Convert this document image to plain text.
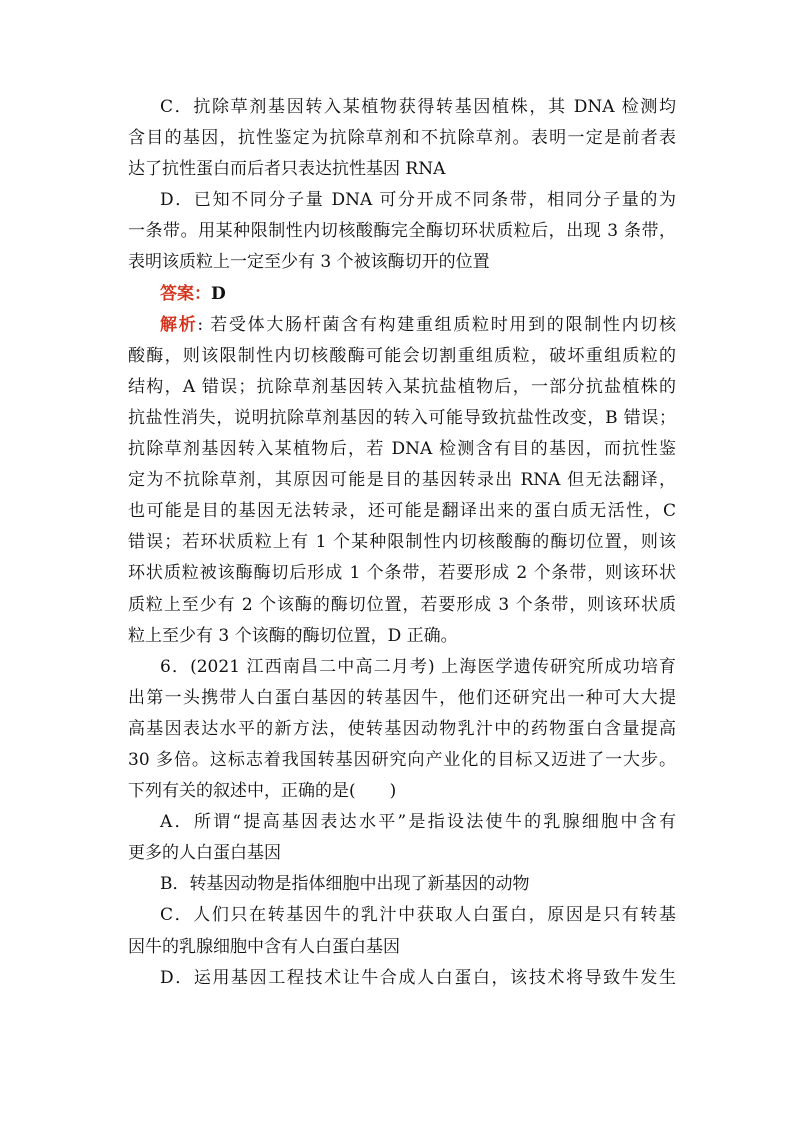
C．抗除草剂基因转入某植物获得转基因植株，其 DNA 检测均
含目的基因，抗性鉴定为抗除草剂和不抗除草剂。表明一定是前者表
达了抗性蛋白而后者只表达抗性基因 RNA
D．已知不同分子量 DNA 可分开成不同条带，相同分子量的为
一条带。用某种限制性内切核酸酶完全酶切环状质粒后，出现 3 条带，
表明该质粒上一定至少有 3 个被该酶切开的位置
答案：D
解析: 若受体大肠杆菌含有构建重组质粒时用到的限制性内切核
酸酶，则该限制性内切核酸酶可能会切割重组质粒，破坏重组质粒的
结构，A 错误；抗除草剂基因转入某抗盐植物后，一部分抗盐植株的
抗盐性消失，说明抗除草剂基因的转入可能导致抗盐性改变，B 错误；
抗除草剂基因转入某植物后，若 DNA 检测含有目的基因，而抗性鉴
定为不抗除草剂，其原因可能是目的基因转录出 RNA 但无法翻译，
也可能是目的基因无法转录，还可能是翻译出来的蛋白质无活性，C
错误；若环状质粒上有 1 个某种限制性内切核酸酶的酶切位置，则该
环状质粒被该酶酶切后形成 1 个条带，若要形成 2 个条带，则该环状
质粒上至少有 2 个该酶的酶切位置，若要形成 3 个条带，则该环状质
粒上至少有 3 个该酶的酶切位置，D 正确。
6．(2021 江西南昌二中高二月考) 上海医学遗传研究所成功培育
出第一头携带人白蛋白基因的转基因牛，他们还研究出一种可大大提
高基因表达水平的新方法，使转基因动物乳汁中的药物蛋白含量提高
30 多倍。这标志着我国转基因研究向产业化的目标又迈进了一大步。
下列有关的叙述中，正确的是(　　)
A．所谓“提高基因表达水平”是指设法使牛的乳腺细胞中含有
更多的人白蛋白基因
B．转基因动物是指体细胞中出现了新基因的动物
C．人们只在转基因牛的乳汁中获取人白蛋白，原因是只有转基
因牛的乳腺细胞中含有人白蛋白基因
D．运用基因工程技术让牛合成人白蛋白，该技术将导致牛发生
